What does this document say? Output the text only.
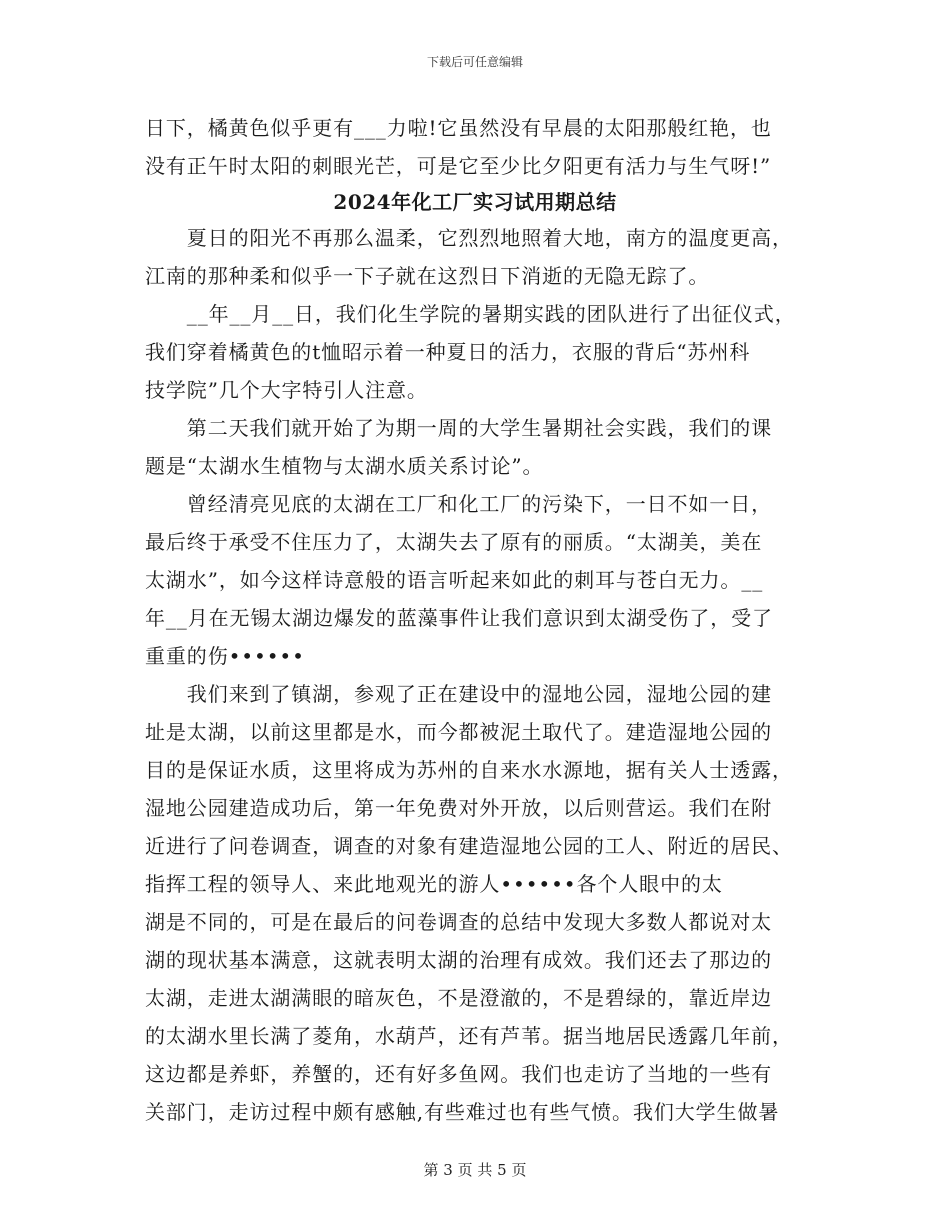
下载后可任意编辑
日下，橘黄色似乎更有___力啦!它虽然没有早晨的太阳那般红艳，也
没有正午时太阳的刺眼光芒，可是它至少比夕阳更有活力与生气呀!”
2024年化工厂实习试用期总结
　　夏日的阳光不再那么温柔，它烈烈地照着大地，南方的温度更高，
江南的那种柔和似乎一下子就在这烈日下消逝的无隐无踪了。
　　__年__月__日，我们化生学院的暑期实践的团队进行了出征仪式，
我们穿着橘黄色的t恤昭示着一种夏日的活力，衣服的背后“苏州科
技学院”几个大字特引人注意。
　　第二天我们就开始了为期一周的大学生暑期社会实践，我们的课
题是“太湖水生植物与太湖水质关系讨论”。
　　曾经清亮见底的太湖在工厂和化工厂的污染下，一日不如一日，
最后终于承受不住压力了，太湖失去了原有的丽质。“太湖美，美在
太湖水”，如今这样诗意般的语言听起来如此的刺耳与苍白无力。__
年__月在无锡太湖边爆发的蓝藻事件让我们意识到太湖受伤了，受了
重重的伤••••••
　　我们来到了镇湖，参观了正在建设中的湿地公园，湿地公园的建
址是太湖，以前这里都是水，而今都被泥土取代了。建造湿地公园的
目的是保证水质，这里将成为苏州的自来水水源地，据有关人士透露，
湿地公园建造成功后，第一年免费对外开放，以后则营运。我们在附
近进行了问卷调查，调查的对象有建造湿地公园的工人、附近的居民、
指挥工程的领导人、来此地观光的游人••••••各个人眼中的太
湖是不同的，可是在最后的问卷调查的总结中发现大多数人都说对太
湖的现状基本满意，这就表明太湖的治理有成效。我们还去了那边的
太湖，走进太湖满眼的暗灰色，不是澄澈的，不是碧绿的，靠近岸边
的太湖水里长满了菱角，水葫芦，还有芦苇。据当地居民透露几年前，
这边都是养虾，养蟹的，还有好多鱼网。我们也走访了当地的一些有
关部门，走访过程中颇有感触,有些难过也有些气愤。我们大学生做暑
第 3 页 共 5 页
